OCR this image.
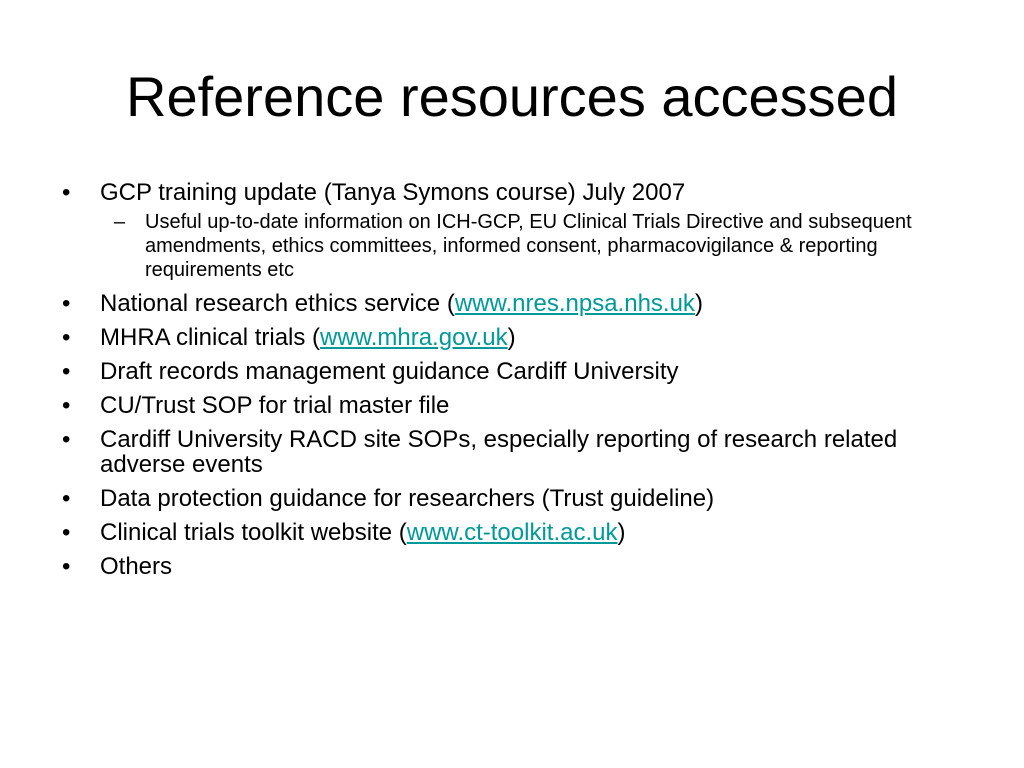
Reference resources accessed
• GCP training update (Tanya Symons course) July 2007
– Useful up-to-date information on ICH-GCP, EU Clinical Trials Directive and subsequent amendments, ethics committees, informed consent, pharmacovigilance & reporting requirements etc
• National research ethics service (www.nres.npsa.nhs.uk)
• MHRA clinical trials (www.mhra.gov.uk)
• Draft records management guidance Cardiff University
• CU/Trust SOP for trial master file
• Cardiff University RACD site SOPs, especially reporting of research related adverse events
• Data protection guidance for researchers (Trust guideline)
• Clinical trials toolkit website (www.ct-toolkit.ac.uk)
• Others
